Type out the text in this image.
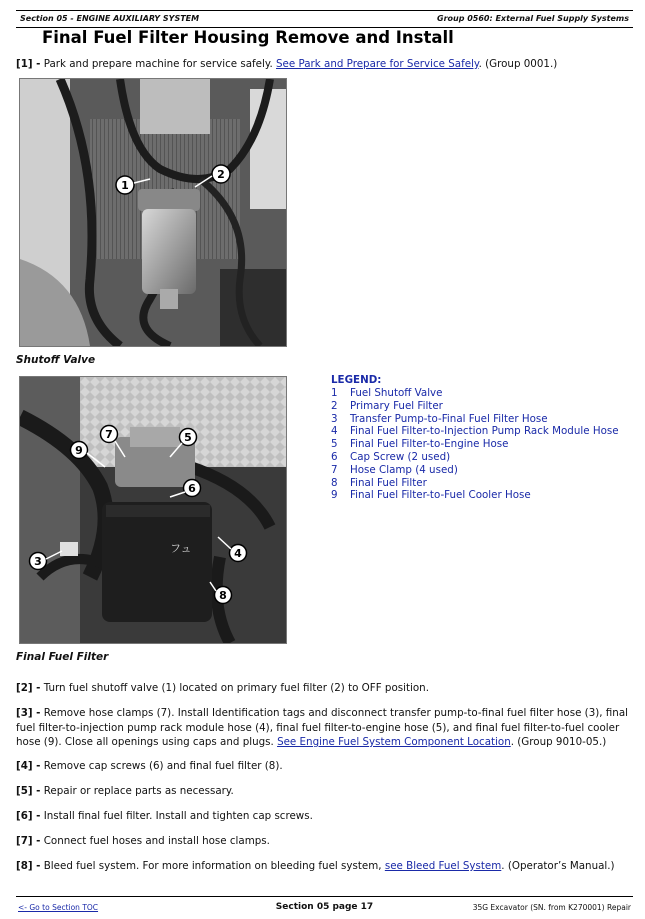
Section 05 - ENGINE AUXILIARY SYSTEM	Group 0560: External Fuel Supply Systems
Final Fuel Filter Housing Remove and Install
[1] - Park and prepare machine for service safely. See Park and Prepare for Service Safely. (Group 0001.)
1
2
Shutoff Valve
フュ
9
7	5
6
3
4
8
Final Fuel Filter
LEGEND:
1	Fuel Shutoff Valve
2	Primary Fuel Filter
3	Transfer Pump-to-Final Fuel Filter Hose
4	Final Fuel Filter-to-Injection Pump Rack Module Hose
5	Final Fuel Filter-to-Engine Hose
6	Cap Screw (2 used)
7	Hose Clamp (4 used)
8	Final Fuel Filter
9	Final Fuel Filter-to-Fuel Cooler Hose
[2] - Turn fuel shutoff valve (1) located on primary fuel filter (2) to OFF position.
[3] - Remove hose clamps (7). Install Identification tags and disconnect transfer pump-to-final fuel filter hose (3), final fuel filter-to-injection pump rack module hose (4), final fuel filter-to-engine hose (5), and final fuel filter-to-fuel cooler hose (9). Close all openings using caps and plugs. See Engine Fuel System Component Location. (Group 9010-05.)
[4] - Remove cap screws (6) and final fuel filter (8).
[5] - Repair or replace parts as necessary.
[6] - Install final fuel filter. Install and tighten cap screws.
[7] - Connect fuel hoses and install hose clamps.
[8] - Bleed fuel system. For more information on bleeding fuel system, see Bleed Fuel System. (Operator’s Manual.)
<- Go to Section TOC	Section 05 page 17	35G Excavator (SN. from K270001) Repair
